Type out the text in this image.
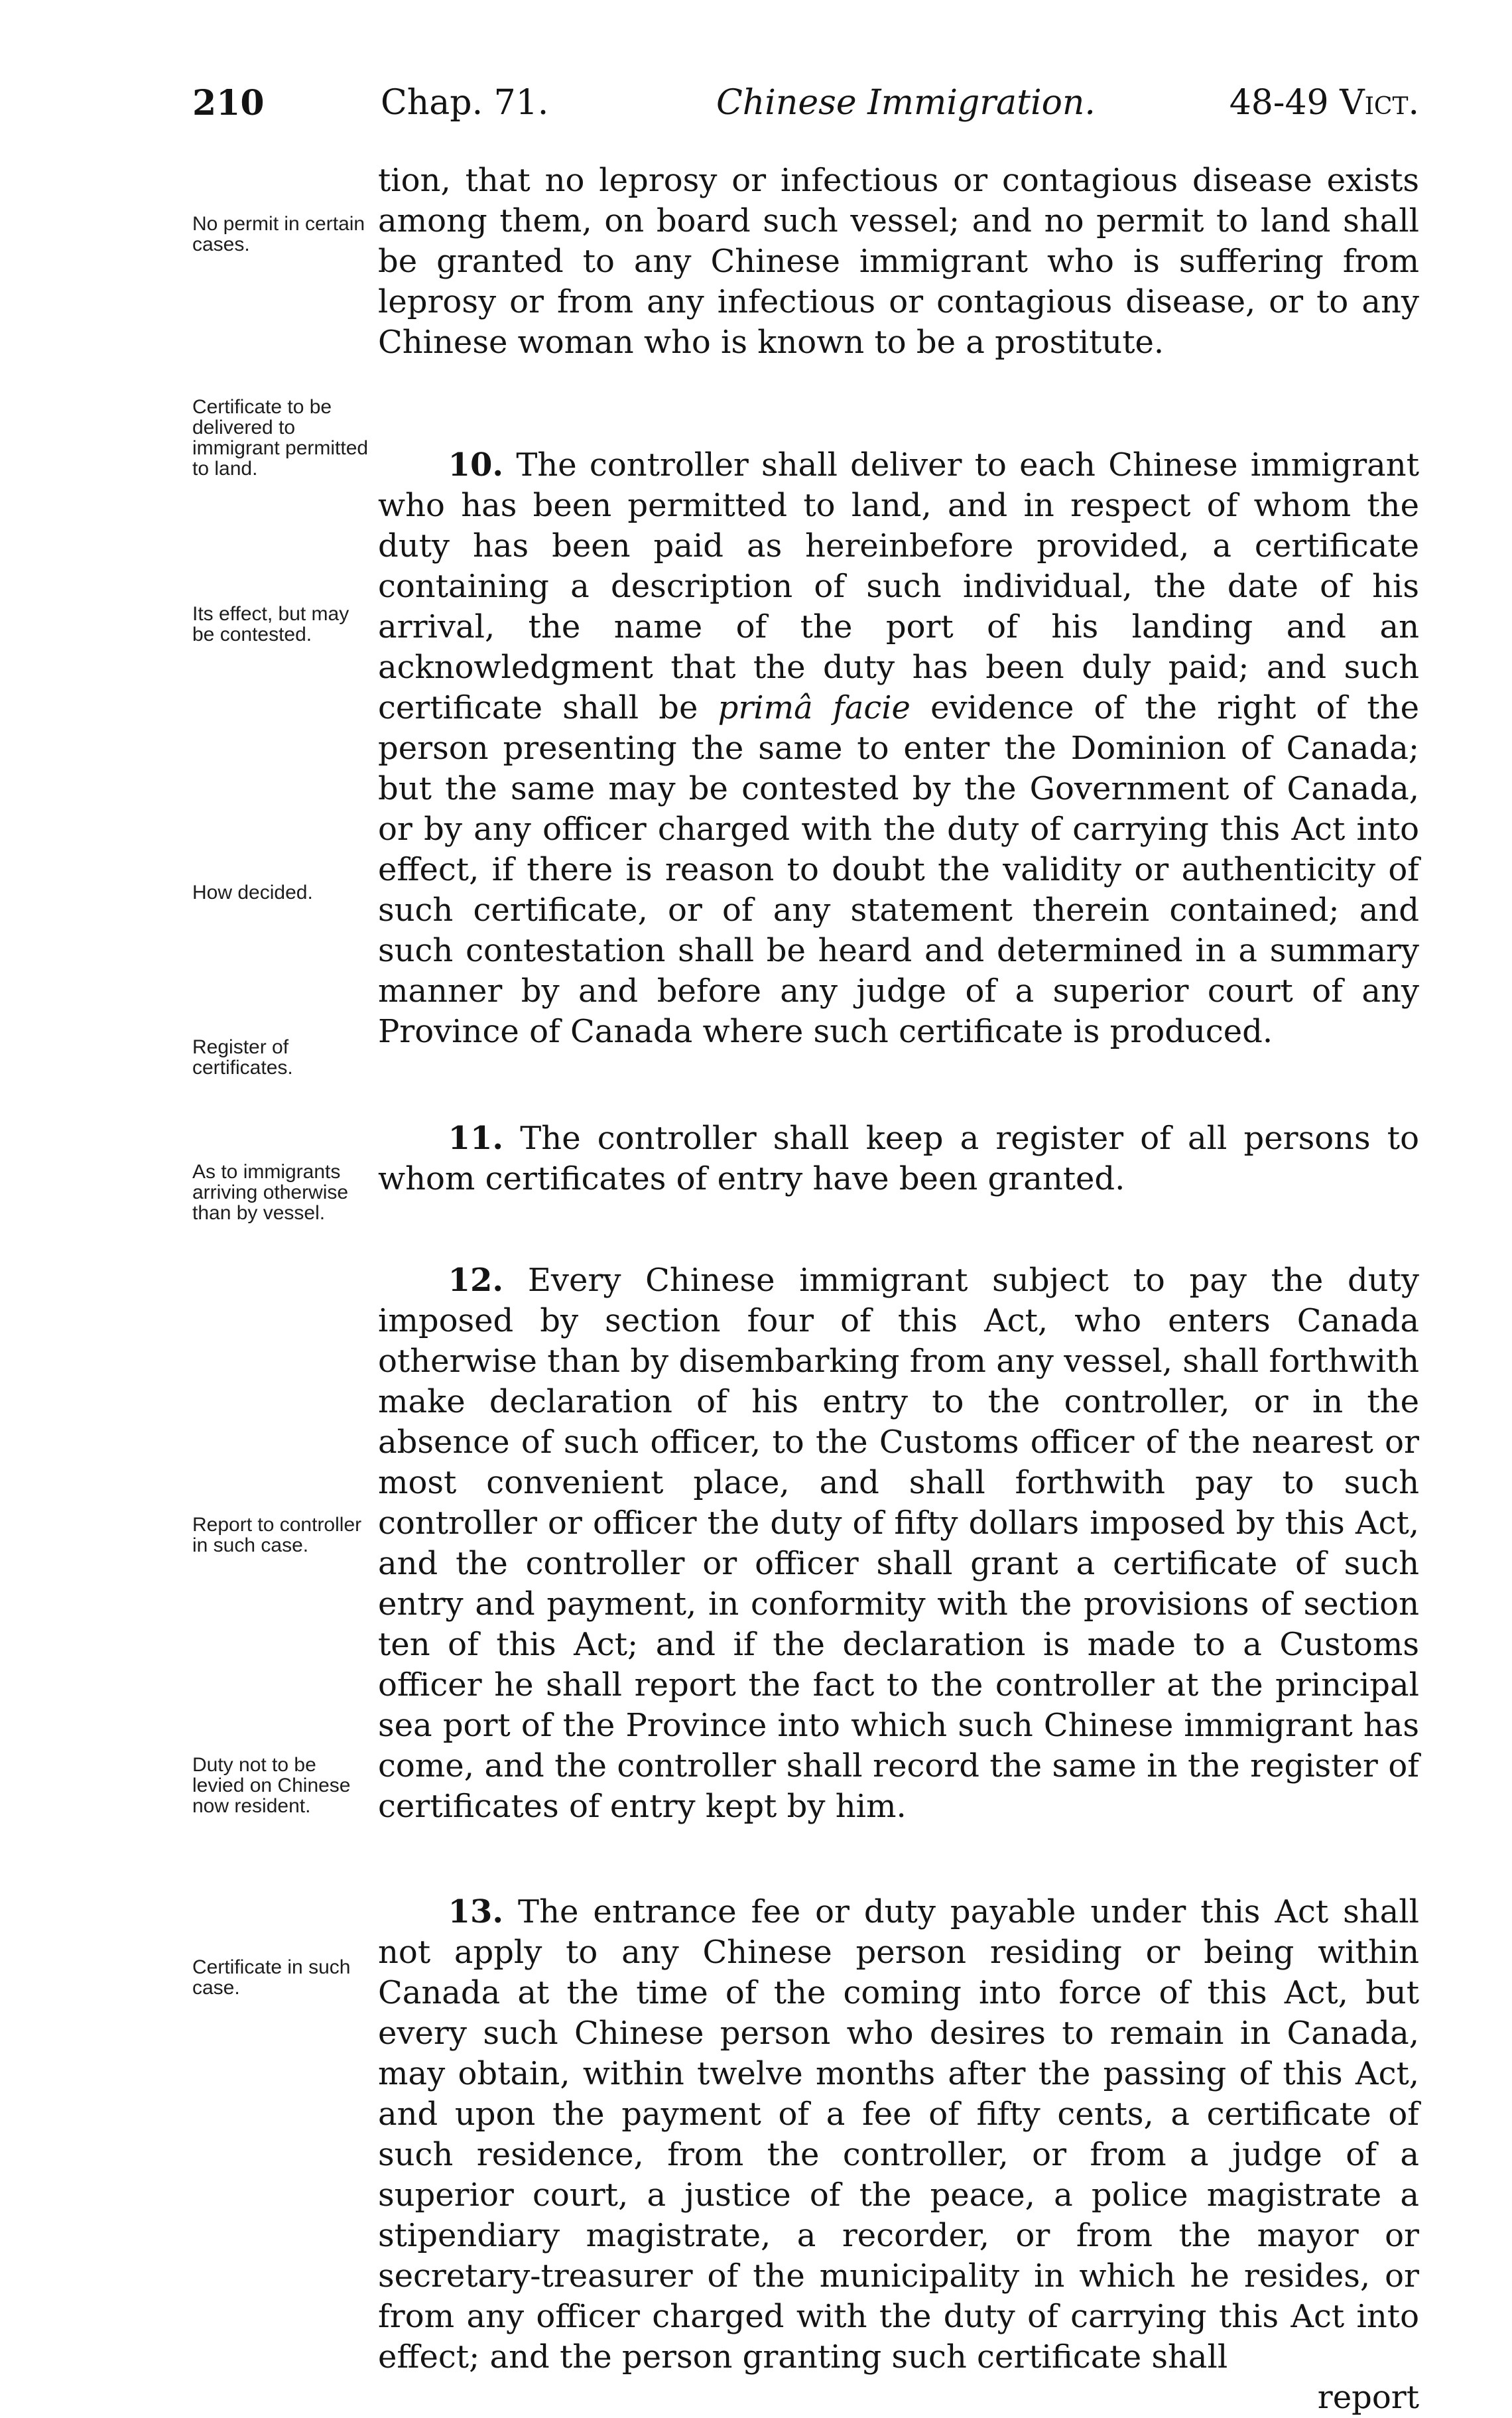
210	Chap. 71.	Chinese Immigration.	48-49 Vict.
No permit in certain cases.
Certificate to be delivered to immigrant permitted to land.
Its effect, but may be contested.
How decided.
Register of certificates.
As to immigrants arriving otherwise than by vessel.
Report to controller in such case.
Duty not to be levied on Chinese now resident.
Certificate in such case.

tion, that no leprosy or infectious or contagious disease exists among them, on board such vessel; and no permit to land shall be granted to any Chinese immigrant who is suffering from leprosy or from any infectious or contagious disease, or to any Chinese woman who is known to be a prostitute.

10. The controller shall deliver to each Chinese immigrant who has been permitted to land, and in respect of whom the duty has been paid as hereinbefore provided, a certificate containing a description of such individual, the date of his arrival, the name of the port of his landing and an acknowledgment that the duty has been duly paid; and such certificate shall be primâ facie evidence of the right of the person presenting the same to enter the Dominion of Canada; but the same may be contested by the Government of Canada, or by any officer charged with the duty of carrying this Act into effect, if there is reason to doubt the validity or authenticity of such certificate, or of any statement therein contained; and such contestation shall be heard and determined in a summary manner by and before any judge of a superior court of any Province of Canada where such certificate is produced.

11. The controller shall keep a register of all persons to whom certificates of entry have been granted.

12. Every Chinese immigrant subject to pay the duty imposed by section four of this Act, who enters Canada otherwise than by disembarking from any vessel, shall forthwith make declaration of his entry to the controller, or in the absence of such officer, to the Customs officer of the nearest or most convenient place, and shall forthwith pay to such controller or officer the duty of fifty dollars imposed by this Act, and the controller or officer shall grant a certificate of such entry and payment, in conformity with the provisions of section ten of this Act; and if the declaration is made to a Customs officer he shall report the fact to the controller at the principal sea port of the Province into which such Chinese immigrant has come, and the controller shall record the same in the register of certificates of entry kept by him.

13. The entrance fee or duty payable under this Act shall not apply to any Chinese person residing or being within Canada at the time of the coming into force of this Act, but every such Chinese person who desires to remain in Canada, may obtain, within twelve months after the passing of this Act, and upon the payment of a fee of fifty cents, a certificate of such residence, from the controller, or from a judge of a superior court, a justice of the peace, a police magistrate a stipendiary magistrate, a recorder, or from the mayor or secretary-treasurer of the municipality in which he resides, or from any officer charged with the duty of carrying this Act into effect; and the person granting such certificate shall

report
